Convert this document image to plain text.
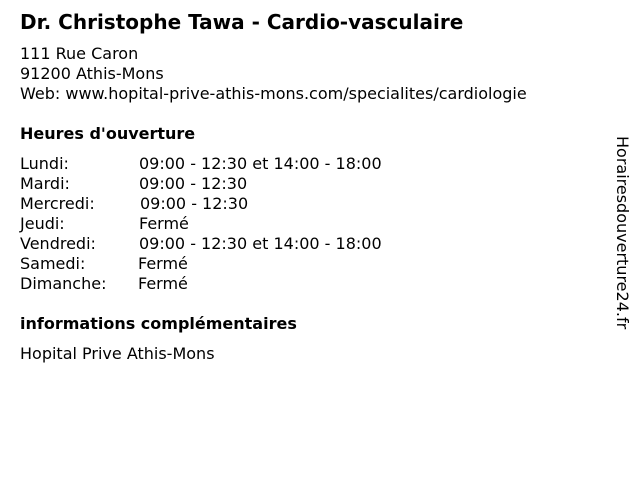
Dr. Christophe Tawa - Cardio-vasculaire
111 Rue Caron
91200 Athis-Mons
Web: www.hopital-prive-athis-mons.com/specialites/cardiologie
Heures d'ouverture
Lundi:	09:00 - 12:30 et 14:00 - 18:00
Mardi:	09:00 - 12:30
Mercredi:	09:00 - 12:30
Jeudi:	Fermé
Vendredi:	09:00 - 12:30 et 14:00 - 18:00
Samedi:	Fermé
Dimanche: Fermé
informations complémentaires
Hopital Prive Athis-Mons
Horairesdouverture24.fr
